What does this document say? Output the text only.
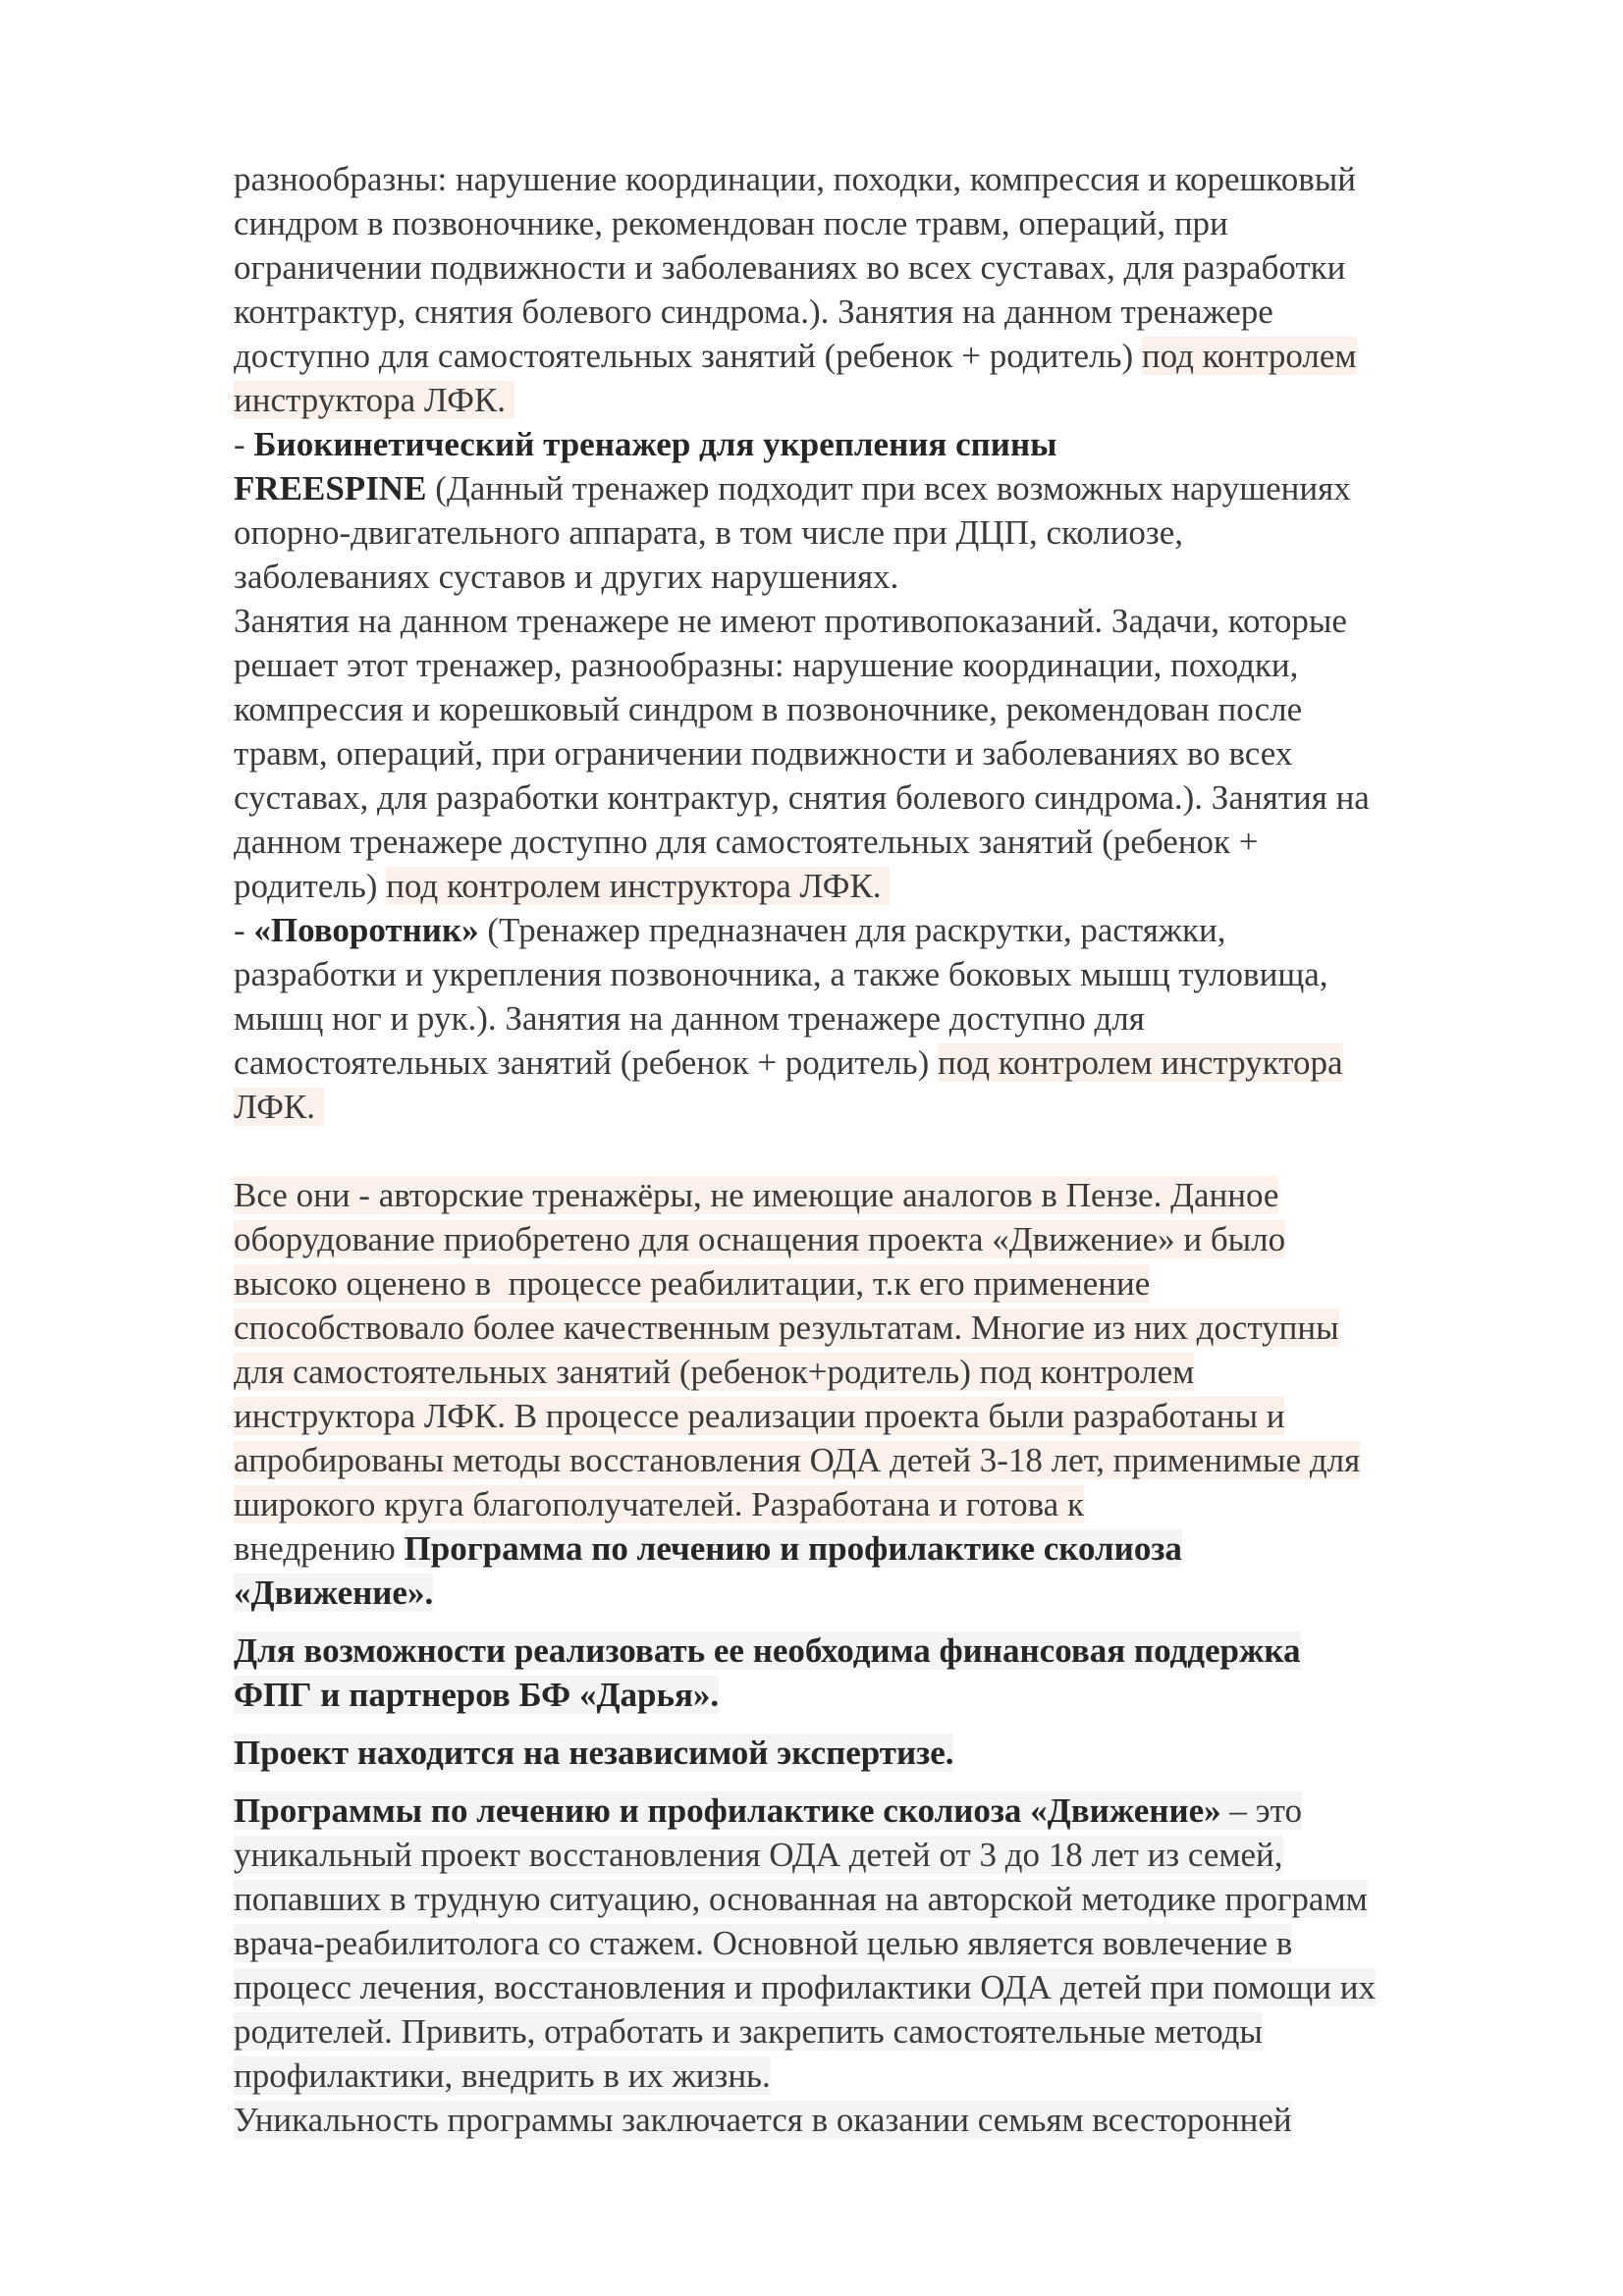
разнообразны: нарушение координации, походки, компрессия и корешковый
синдром в позвоночнике, рекомендован после травм, операций, при
ограничении подвижности и заболеваниях во всех суставах, для разработки
контрактур, снятия болевого синдрома.). Занятия на данном тренажере
доступно для самостоятельных занятий (ребенок + родитель) под контролем
инструктора ЛФК.
- Биокинетический тренажер для укрепления спины
FREESPINE (Данный тренажер подходит при всех возможных нарушениях
опорно-двигательного аппарата, в том числе при ДЦП, сколиозе,
заболеваниях суставов и других нарушениях.
Занятия на данном тренажере не имеют противопоказаний. Задачи, которые
решает этот тренажер, разнообразны: нарушение координации, походки,
компрессия и корешковый синдром в позвоночнике, рекомендован после
травм, операций, при ограничении подвижности и заболеваниях во всех
суставах, для разработки контрактур, снятия болевого синдрома.). Занятия на
данном тренажере доступно для самостоятельных занятий (ребенок +
родитель) под контролем инструктора ЛФК.
- «Поворотник» (Тренажер предназначен для раскрутки, растяжки,
разработки и укрепления позвоночника, а также боковых мышц туловища,
мышц ног и рук.). Занятия на данном тренажере доступно для
самостоятельных занятий (ребенок + родитель) под контролем инструктора
ЛФК.
Все они - авторские тренажёры, не имеющие аналогов в Пензе. Данное
оборудование приобретено для оснащения проекта «Движение» и было
высоко оценено в  процессе реабилитации, т.к его применение
способствовало более качественным результатам. Многие из них доступны
для самостоятельных занятий (ребенок+родитель) под контролем
инструктора ЛФК. В процессе реализации проекта были разработаны и
апробированы методы восстановления ОДА детей 3-18 лет, применимые для
широкого круга благополучателей. Разработана и готова к
внедрению Программа по лечению и профилактике сколиоза
«Движение».
Для возможности реализовать ее необходима финансовая поддержка
ФПГ и партнеров БФ «Дарья».
Проект находится на независимой экспертизе.
Программы по лечению и профилактике сколиоза «Движение» – это
уникальный проект восстановления ОДА детей от 3 до 18 лет из семей,
попавших в трудную ситуацию, основанная на авторской методике программ
врача-реабилитолога со стажем. Основной целью является вовлечение в
процесс лечения, восстановления и профилактики ОДА детей при помощи их
родителей. Привить, отработать и закрепить самостоятельные методы
профилактики, внедрить в их жизнь.
Уникальность программы заключается в оказании семьям всесторонней
